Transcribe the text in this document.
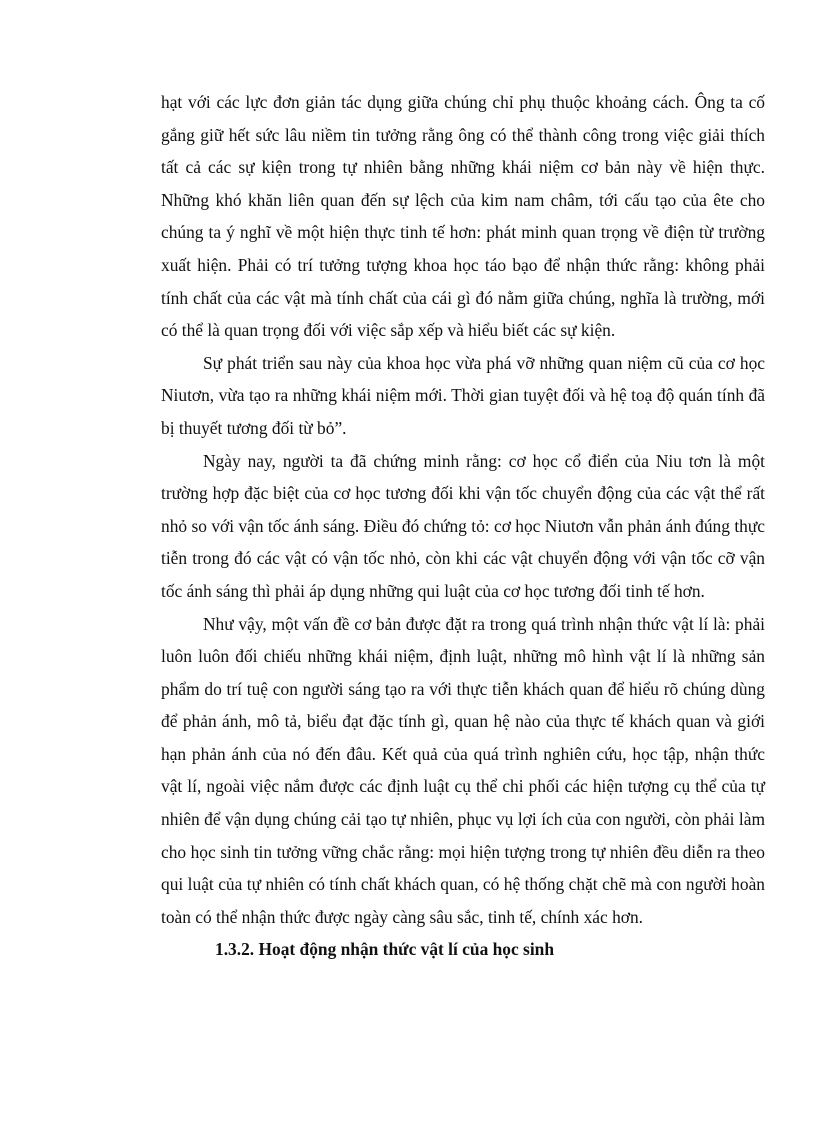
hạt với các lực đơn giản tác dụng giữa chúng chỉ phụ thuộc khoảng cách. Ông ta cố gắng giữ hết sức lâu niềm tin tưởng rằng ông có thể thành công trong việc giải thích tất cả các sự kiện trong tự nhiên bằng những khái niệm cơ bản này về hiện thực. Những khó khăn liên quan đến sự lệch của kim nam châm, tới cấu tạo của ête cho chúng ta ý nghĩ về một hiện thực tinh tế hơn: phát minh quan trọng về điện từ trường xuất hiện. Phải có trí tưởng tượng khoa học táo bạo để nhận thức rằng: không phải tính chất của các vật mà tính chất của cái gì đó nằm giữa chúng, nghĩa là trường, mới có thể là quan trọng đối với việc sắp xếp và hiểu biết các sự kiện.

Sự phát triển sau này của khoa học vừa phá vỡ những quan niệm cũ của cơ học Niutơn, vừa tạo ra những khái niệm mới. Thời gian tuyệt đối và hệ toạ độ quán tính đã bị thuyết tương đối từ bỏ”.

Ngày nay, người ta đã chứng minh rằng: cơ học cổ điển của Niu tơn là một trường hợp đặc biệt của cơ học tương đối khi vận tốc chuyển động của các vật thể rất nhỏ so với vận tốc ánh sáng. Điều đó chứng tỏ: cơ học Niutơn vẫn phản ánh đúng thực tiễn trong đó các vật có vận tốc nhỏ, còn khi các vật chuyển động với vận tốc cỡ vận tốc ánh sáng thì phải áp dụng những qui luật của cơ học tương đối tinh tế hơn.

Như vậy, một vấn đề cơ bản được đặt ra trong quá trình nhận thức vật lí là: phải luôn luôn đối chiếu những khái niệm, định luật, những mô hình vật lí là những sản phẩm do trí tuệ con người sáng tạo ra với thực tiễn khách quan để hiểu rõ chúng dùng để phản ánh, mô tả, biểu đạt đặc tính gì, quan hệ nào của thực tế khách quan và giới hạn phản ánh của nó đến đâu. Kết quả của quá trình nghiên cứu, học tập, nhận thức vật lí, ngoài việc nắm được các định luật cụ thể chi phối các hiện tượng cụ thể của tự nhiên để vận dụng chúng cải tạo tự nhiên, phục vụ lợi ích của con người, còn phải làm cho học sinh tin tưởng vững chắc rằng: mọi hiện tượng trong tự nhiên đều diễn ra theo qui luật của tự nhiên có tính chất khách quan, có hệ thống chặt chẽ mà con người hoàn toàn có thể nhận thức được ngày càng sâu sắc, tinh tế, chính xác hơn.

1.3.2. Hoạt động nhận thức vật lí của học sinh
